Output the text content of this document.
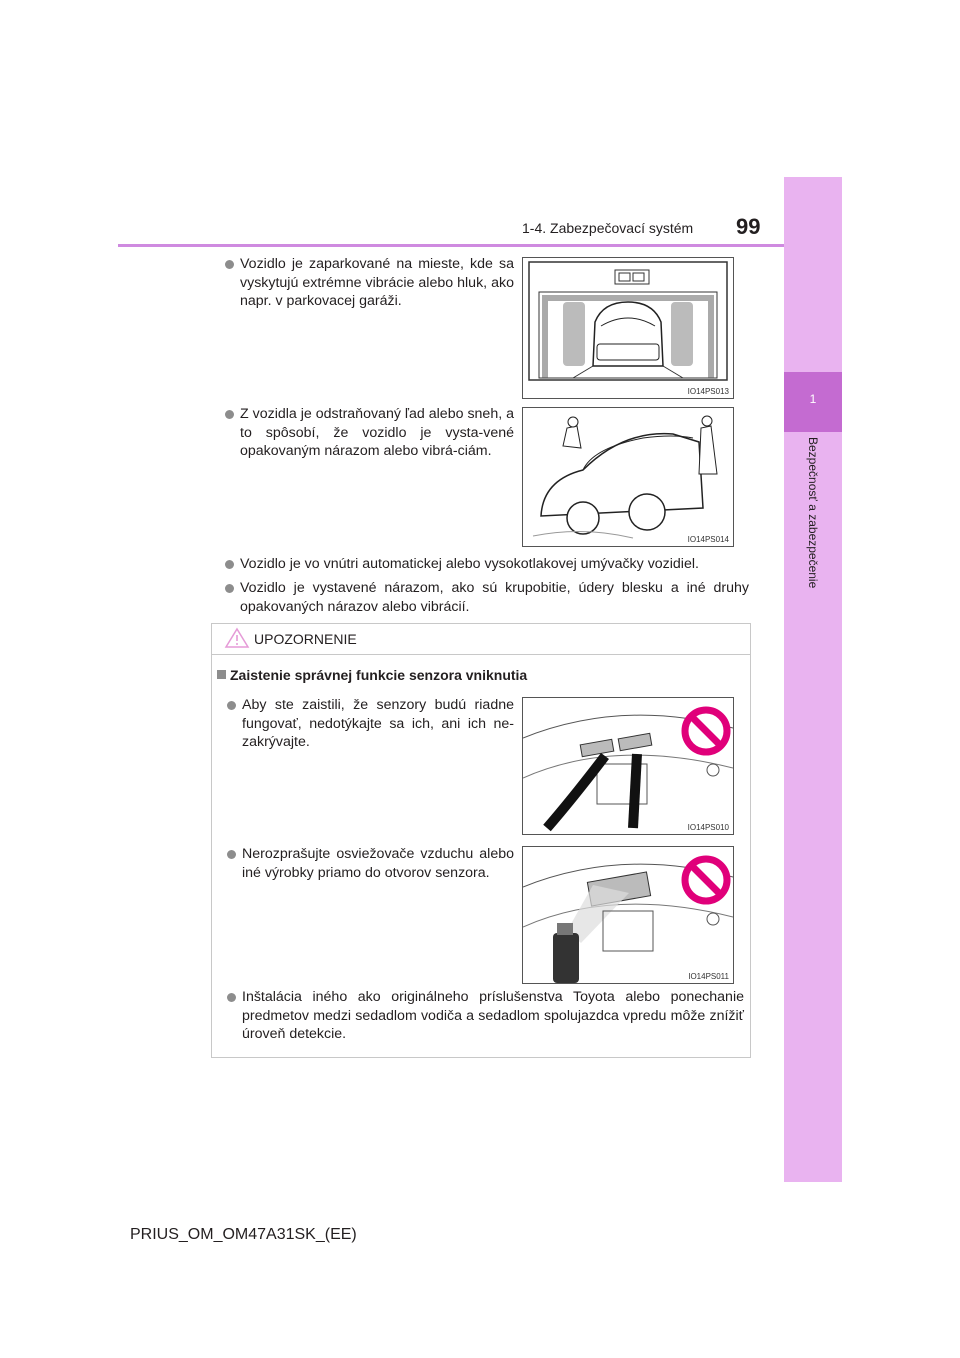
1
Bezpečnosť a zabezpečenie
1-4. Zabezpečovací systém 99
Vozidlo je zaparkované na mieste, kde sa vyskytujú extrémne vibrácie alebo hluk, ako napr. v parkovacej garáži.
IO14PS013
Z vozidla je odstraňovaný ľad alebo sneh, a to spôsobí, že vozidlo je vysta-vené opakovaným nárazom alebo vibrá-ciám.
IO14PS014
Vozidlo je vo vnútri automatickej alebo vysokotlakovej umývačky vozidiel.
Vozidlo je vystavené nárazom, ako sú krupobitie, údery blesku a iné druhy opakovaných nárazov alebo vibrácií.
UPOZORNENIE
Zaistenie správnej funkcie senzora vniknutia
Aby ste zaistili, že senzory budú riadne fungovať, nedotýkajte sa ich, ani ich ne-zakrývajte.
IO14PS010
Nerozprašujte osviežovače vzduchu alebo iné výrobky priamo do otvorov senzora.
IO14PS011
Inštalácia iného ako originálneho príslušenstva Toyota alebo ponechanie predmetov medzi sedadlom vodiča a sedadlom spolujazdca vpredu môže znížiť úroveň detekcie.
PRIUS_OM_OM47A31SK_(EE)
